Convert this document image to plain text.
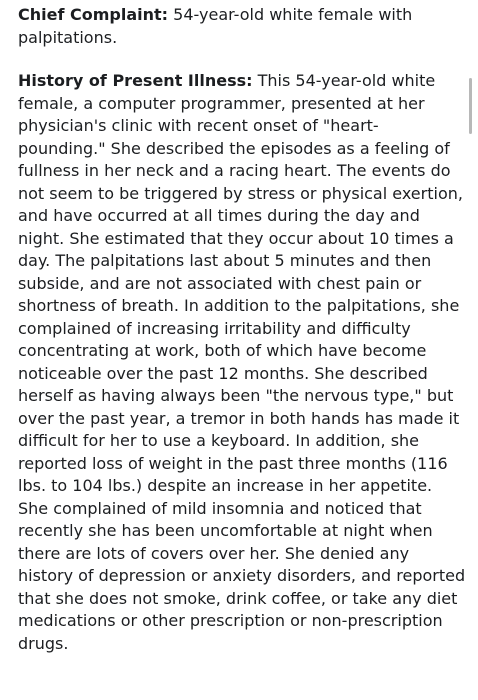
Chief Complaint: 54-year-old white female with palpitations.

History of Present Illness: This 54-year-old white female, a computer programmer, presented at her physician's clinic with recent onset of "heart-pounding." She described the episodes as a feeling of fullness in her neck and a racing heart. The events do not seem to be triggered by stress or physical exertion, and have occurred at all times during the day and night. She estimated that they occur about 10 times a day. The palpitations last about 5 minutes and then subside, and are not associated with chest pain or shortness of breath. In addition to the palpitations, she complained of increasing irritability and difficulty concentrating at work, both of which have become noticeable over the past 12 months. She described herself as having always been "the nervous type," but over the past year, a tremor in both hands has made it difficult for her to use a keyboard. In addition, she reported loss of weight in the past three months (116 lbs. to 104 lbs.) despite an increase in her appetite. She complained of mild insomnia and noticed that recently she has been uncomfortable at night when there are lots of covers over her. She denied any history of depression or anxiety disorders, and reported that she does not smoke, drink coffee, or take any diet medications or other prescription or non-prescription drugs.
